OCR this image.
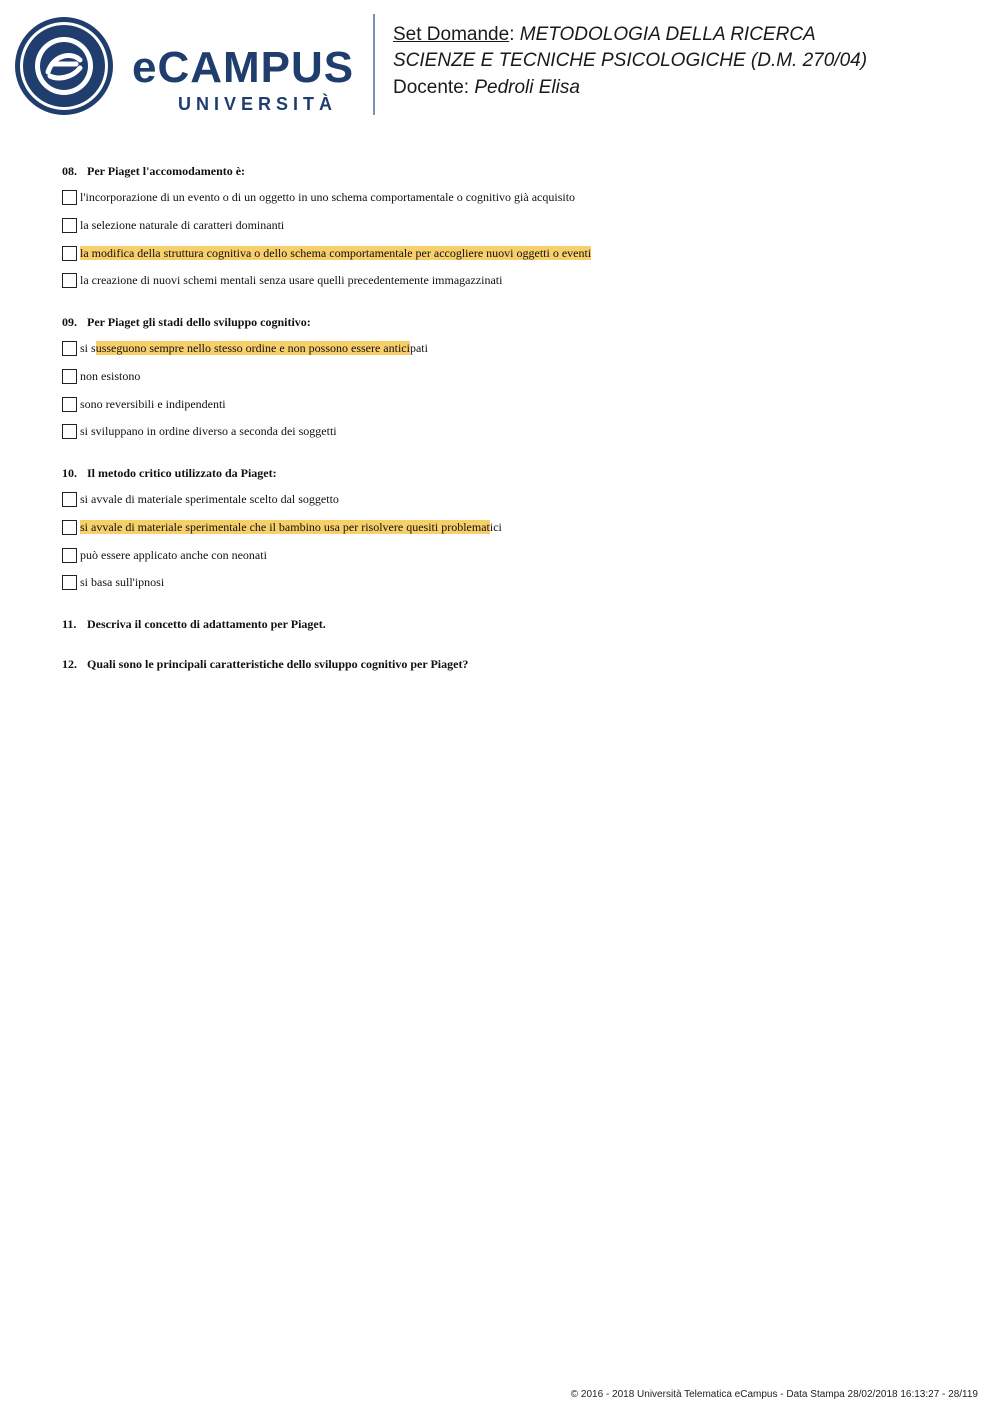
eCAMPUS
UNIVERSITÀ
Set Domande: METODOLOGIA DELLA RICERCA
SCIENZE E TECNICHE PSICOLOGICHE (D.M. 270/04)
Docente: Pedroli Elisa
08. Per Piaget l'accomodamento è:
l'incorporazione di un evento o di un oggetto in uno schema comportamentale o cognitivo già acquisito
la selezione naturale di caratteri dominanti
la modifica della struttura cognitiva o dello schema comportamentale per accogliere nuovi oggetti o eventi
la creazione di nuovi schemi mentali senza usare quelli precedentemente immagazzinati
09. Per Piaget gli stadi dello sviluppo cognitivo:
si susseguono sempre nello stesso ordine e non possono essere anticipati
non esistono
sono reversibili e indipendenti
si sviluppano in ordine diverso a seconda dei soggetti
10. Il metodo critico utilizzato da Piaget:
si avvale di materiale sperimentale scelto dal soggetto
si avvale di materiale sperimentale che il bambino usa per risolvere quesiti problematici
può essere applicato anche con neonati
si basa sull'ipnosi
11. Descriva il concetto di adattamento per Piaget.
12. Quali sono le principali caratteristiche dello sviluppo cognitivo per Piaget?
© 2016 - 2018 Università Telematica eCampus - Data Stampa 28/02/2018 16:13:27 - 28/119
